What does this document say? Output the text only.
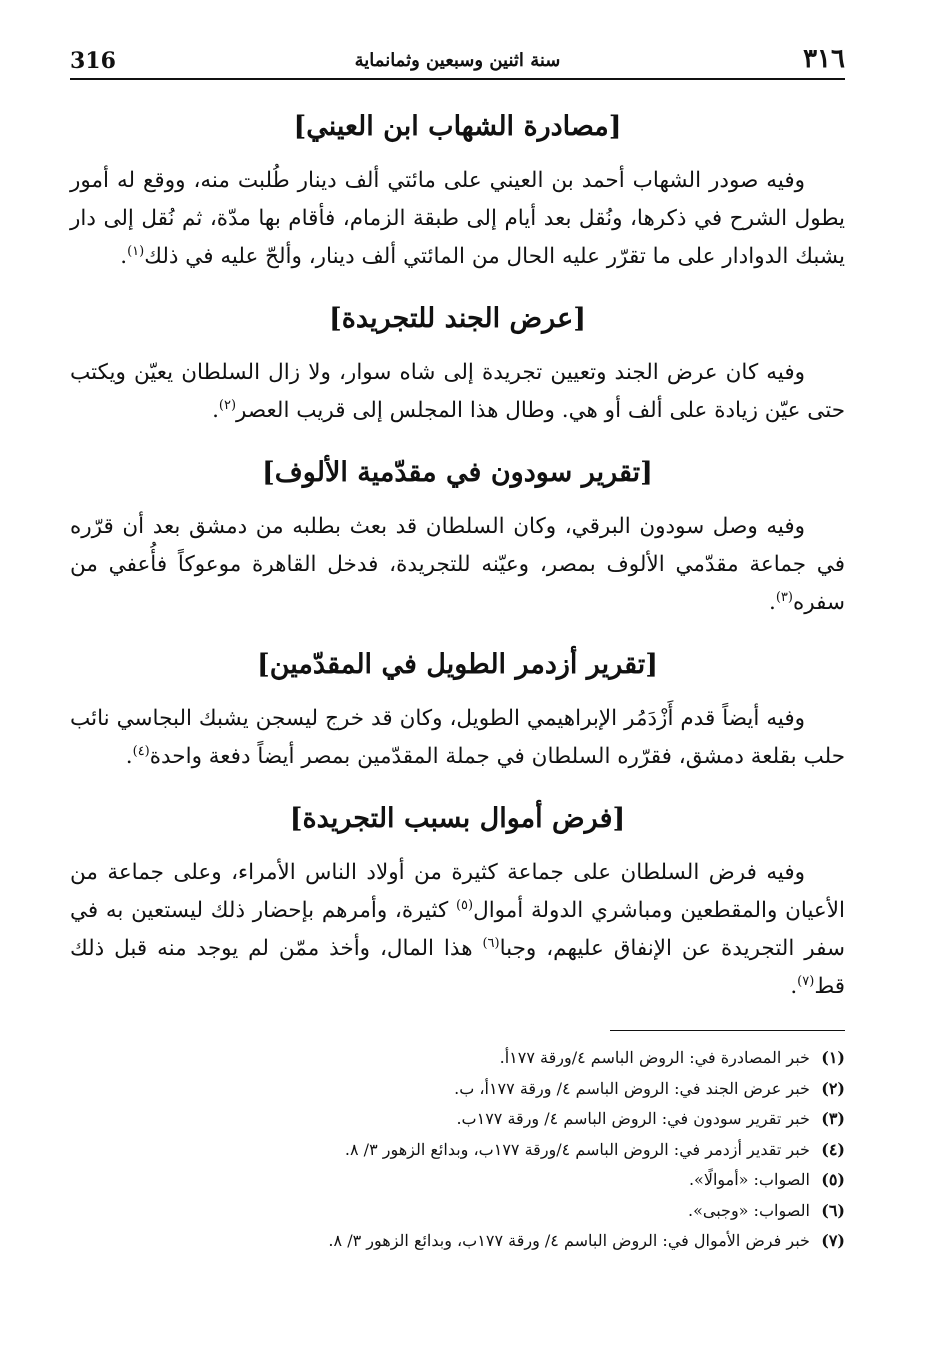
316	سنة اثنين وسبعين وثمانماية	٣١٦
[مصادرة الشهاب ابن العيني]

وفيه صودر الشهاب أحمد بن العيني على مائتي ألف دينار طُلبت منه، ووقع له أمور يطول الشرح في ذكرها، ونُقل بعد أيام إلى طبقة الزمام، فأقام بها مدّة، ثم نُقل إلى دار يشبك الدوادار على ما تقرّر عليه الحال من المائتي ألف دينار، وألحّ عليه في ذلك$^{(١)}$.

[عرض الجند للتجريدة]

وفيه كان عرض الجند وتعيين تجريدة إلى شاه سوار، ولا زال السلطان يعيّن ويكتب حتى عيّن زيادة على ألف أو هي. وطال هذا المجلس إلى قريب العصر$^{(٢)}$.

[تقرير سودون في مقدّمية الألوف]

وفيه وصل سودون البرقي، وكان السلطان قد بعث بطلبه من دمشق بعد أن قرّره في جماعة مقدّمي الألوف بمصر، وعيّنه للتجريدة، فدخل القاهرة موعوكاً فأُعفي من سفره$^{(٣)}$.

[تقرير أزدمر الطويل في المقدّمين]

وفيه أيضاً قدم أَزْدَمُر الإبراهيمي الطويل، وكان قد خرج ليسجن يشبك البجاسي نائب حلب بقلعة دمشق، فقرّره السلطان في جملة المقدّمين بمصر أيضاً دفعة واحدة$^{(٤)}$.

[فرض أموال بسبب التجريدة]

وفيه فرض السلطان على جماعة كثيرة من أولاد الناس الأمراء، وعلى جماعة من الأعيان والمقطعين ومباشري الدولة أموال$^{(٥)}$ كثيرة، وأمرهم بإحضار ذلك ليستعين به في سفر التجريدة عن الإنفاق عليهم، وجبا$^{(٦)}$ هذا المال، وأخذ ممّن لم يوجد منه قبل ذلك قط$^{(٧)}$.

(١) خبر المصادرة في: الروض الباسم ٤/ورقة ١٧٧أ.
(٢) خبر عرض الجند في: الروض الباسم ٤/ ورقة ١٧٧أ، ب.
(٣) خبر تقرير سودون في: الروض الباسم ٤/ ورقة ١٧٧ب.
(٤) خبر تقدير أزدمر في: الروض الباسم ٤/ورقة ١٧٧ب، وبدائع الزهور ٣/ ٨.
(٥) الصواب: «أموالًا».
(٦) الصواب: «وجبى».
(٧) خبر فرض الأموال في: الروض الباسم ٤/ ورقة ١٧٧ب، وبدائع الزهور ٣/ ٨.
